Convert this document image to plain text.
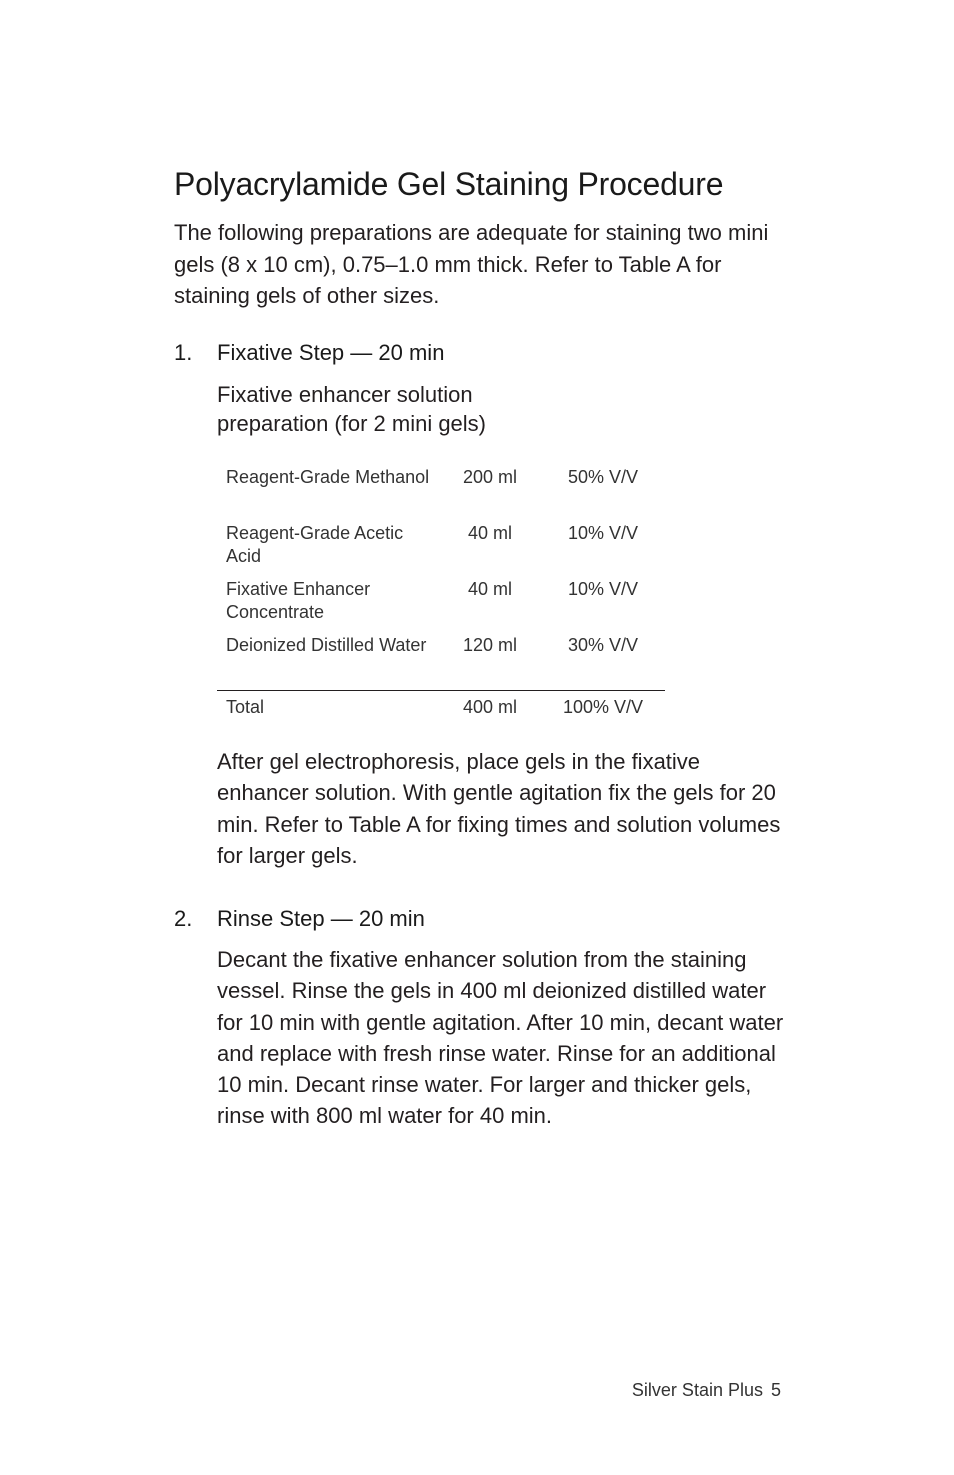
Polyacrylamide Gel Staining Procedure

The following preparations are adequate for staining two mini gels (8 x 10 cm), 0.75–1.0 mm thick. Refer to Table A for staining gels of other sizes.

1. Fixative Step — 20 min

Fixative enhancer solution preparation (for 2 mini gels)

Reagent-Grade Methanol	200 ml	50% V/V
Reagent-Grade Acetic Acid	40 ml	10% V/V
Fixative Enhancer Concentrate	40 ml	10% V/V
Deionized Distilled Water	120 ml	30% V/V
Total	400 ml	100% V/V

After gel electrophoresis, place gels in the fixative enhancer solution. With gentle agitation fix the gels for 20 min. Refer to Table A for fixing times and solution volumes for larger gels.

2. Rinse Step — 20 min

Decant the fixative enhancer solution from the staining vessel. Rinse the gels in 400 ml deionized distilled water for 10 min with gentle agitation. After 10 min, decant water and replace with fresh rinse water. Rinse for an additional 10 min. Decant rinse water. For larger and thicker gels, rinse with 800 ml water for 40 min.

Silver Stain Plus 5
